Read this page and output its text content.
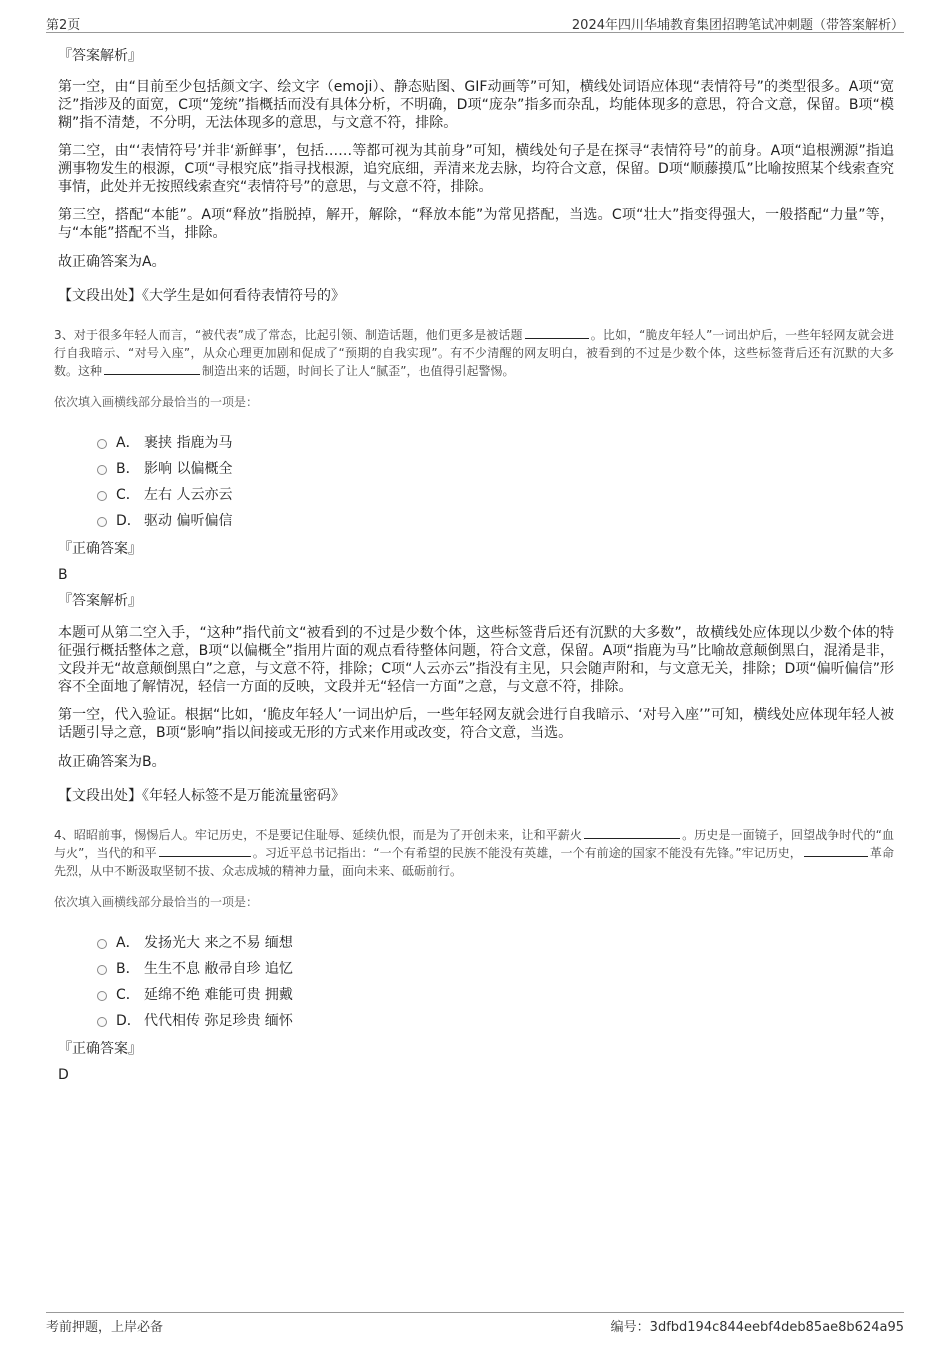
第2页	2024年四川华埔教育集团招聘笔试冲刺题（带答案解析）
『答案解析』

第一空，由“目前至少包括颜文字、绘文字（emoji）、静态贴图、GIF动画等”可知，横线处词语应体现“表情符号”的类型很多。A项“宽泛”指涉及的面宽，C项“笼统”指概括而没有具体分析，不明确，D项“庞杂”指多而杂乱，均能体现多的意思，符合文意，保留。B项“模糊”指不清楚，不分明，无法体现多的意思，与文意不符，排除。

第二空，由“‘表情符号’并非‘新鲜事’，包括……等都可视为其前身”可知，横线处句子是在探寻“表情符号”的前身。A项“追根溯源”指追溯事物发生的根源，C项“寻根究底”指寻找根源，追究底细，弄清来龙去脉，均符合文意，保留。D项“顺藤摸瓜”比喻按照某个线索查究事情，此处并无按照线索查究“表情符号”的意思，与文意不符，排除。

第三空，搭配“本能”。A项“释放”指脱掉，解开，解除，“释放本能”为常见搭配，当选。C项“壮大”指变得强大，一般搭配“力量”等，与“本能”搭配不当，排除。

故正确答案为A。

【文段出处】《大学生是如何看待表情符号的》

3、对于很多年轻人而言，“被代表”成了常态，比起引领、制造话题，他们更多是被话题	。比如，“脆皮年轻人”一词出炉后，一些年轻网友就会进行自我暗示、“对号入座”，从众心理更加剧和促成了“预期的自我实现”。有不少清醒的网友明白，被看到的不过是少数个体，这些标签背后还有沉默的大多数。这种	制造出来的话题，时间长了让人“腻歪”，也值得引起警惕。

依次填入画横线部分最恰当的一项是：

A． 裹挟 指鹿为马
B． 影响 以偏概全
C． 左右 人云亦云
D． 驱动 偏听偏信
『正确答案』
B
『答案解析』

本题可从第二空入手，“这种”指代前文“被看到的不过是少数个体，这些标签背后还有沉默的大多数”，故横线处应体现以少数个体的特征强行概括整体之意，B项“以偏概全”指用片面的观点看待整体问题，符合文意，保留。A项“指鹿为马”比喻故意颠倒黑白，混淆是非，文段并无“故意颠倒黑白”之意，与文意不符，排除；C项“人云亦云”指没有主见，只会随声附和，与文意无关，排除；D项“偏听偏信”形容不全面地了解情况，轻信一方面的反映，文段并无“轻信一方面”之意，与文意不符，排除。

第一空，代入验证。根据“比如，‘脆皮年轻人’一词出炉后，一些年轻网友就会进行自我暗示、‘对号入座’”可知，横线处应体现年轻人被话题引导之意，B项“影响”指以间接或无形的方式来作用或改变，符合文意，当选。

故正确答案为B。

【文段出处】《年轻人标签不是万能流量密码》

4、昭昭前事，惕惕后人。牢记历史，不是要记住耻辱、延续仇恨，而是为了开创未来，让和平薪火	。历史是一面镜子，回望战争时代的“血与火”，当代的和平	。习近平总书记指出：“一个有希望的民族不能没有英雄，一个有前途的国家不能没有先锋。”牢记历史，	革命先烈，从中不断汲取坚韧不拔、众志成城的精神力量，面向未来、砥砺前行。

依次填入画横线部分最恰当的一项是：

A． 发扬光大 来之不易 缅想
B． 生生不息 敝帚自珍 追忆
C． 延绵不绝 难能可贵 拥戴
D． 代代相传 弥足珍贵 缅怀
『正确答案』
D
考前押题，上岸必备	编号：3dfbd194c844eebf4deb85ae8b624a95
